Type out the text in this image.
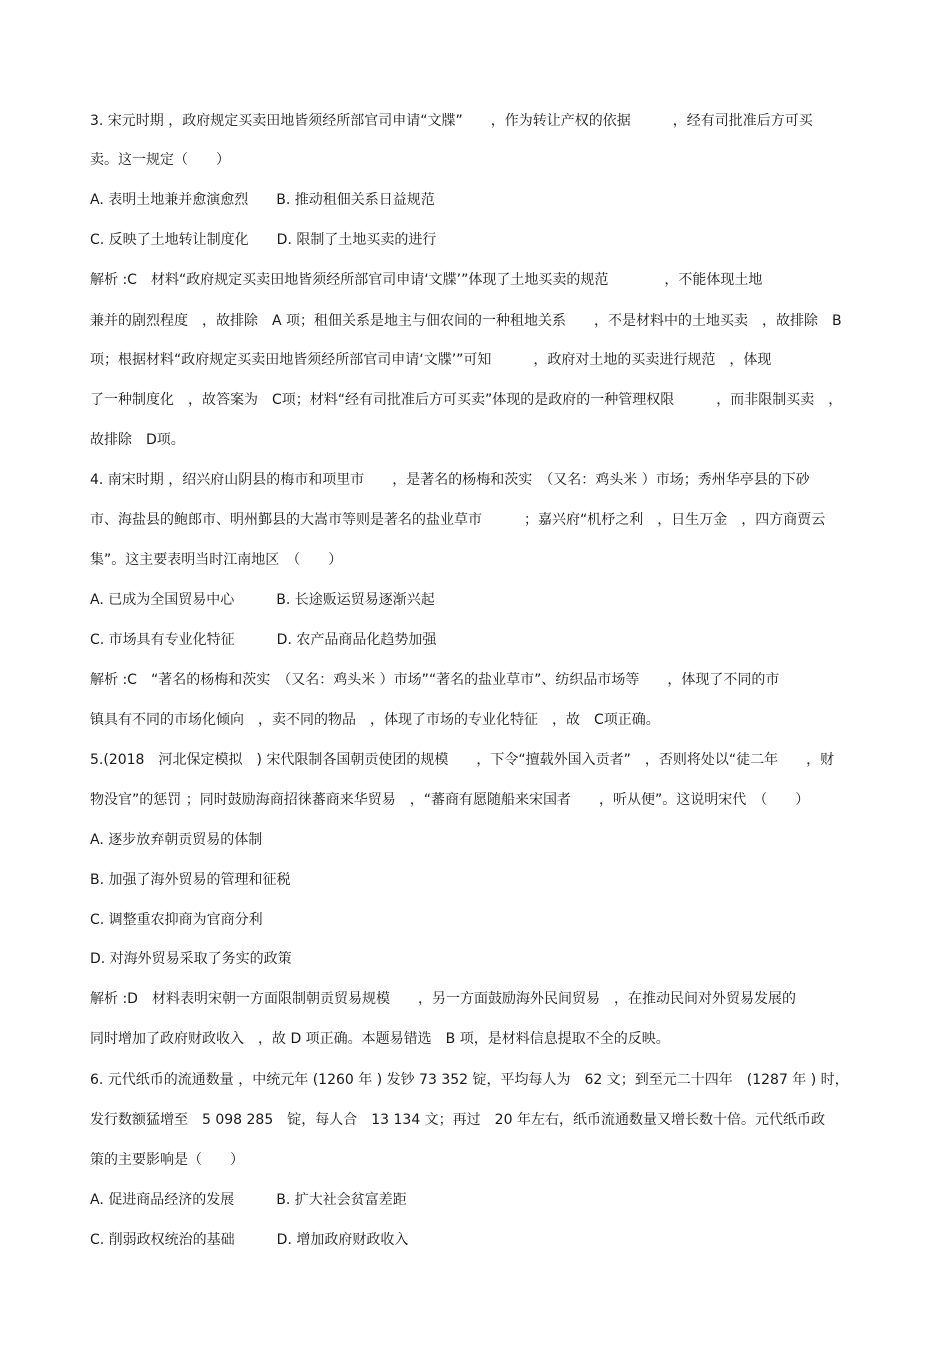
3. 宋元时期 ，政府规定买卖田地皆须经所部官司申请“文牒”　　，作为转让产权的依据　　　，经有司批准后方可买
卖。这一规定（　　）
A. 表明土地兼并愈演愈烈　　B. 推动租佃关系日益规范
C. 反映了土地转让制度化　　D. 限制了土地买卖的进行
解析 :C　材料“政府规定买卖田地皆须经所部官司申请‘文牒’”体现了土地买卖的规范　　　　，不能体现土地
兼并的剧烈程度　，故排除　A 项；租佃关系是地主与佃农间的一种租地关系　　，不是材料中的土地买卖　，故排除　B
项；根据材料“政府规定买卖田地皆须经所部官司申请‘文牒’”可知　　　，政府对土地的买卖进行规范　，体现
了一种制度化　，故答案为　C项；材料“经有司批准后方可买卖”体现的是政府的一种管理权限　　　，而非限制买卖　，
故排除　D项。
4. 南宋时期 ，绍兴府山阴县的梅市和项里市　　，是著名的杨梅和茨实　（又名：鸡头米 ）市场；秀州华亭县的下砂
市、海盐县的鲍郎市、明州鄞县的大嵩市等则是著名的盐业草市　　　；嘉兴府“机杼之利　，日生万金　，四方商贾云
集”。这主要表明当时江南地区　（　　）
A. 已成为全国贸易中心　　　B. 长途贩运贸易逐渐兴起
C. 市场具有专业化特征　　　D. 农产品商品化趋势加强
解析 :C　“著名的杨梅和茨实　（又名：鸡头米 ）市场”“著名的盐业草市”、纺织品市场等　　，体现了不同的市
镇具有不同的市场化倾向　，卖不同的物品　，体现了市场的专业化特征　，故　C项正确。
5.(2018　河北保定模拟　) 宋代限制各国朝贡使团的规模　　，下令“擅载外国入贡者”　，否则将处以“徒二年　　，财
物没官”的惩罚 ；同时鼓励海商招徕蕃商来华贸易　，“蕃商有愿随船来宋国者　　，听从便”。这说明宋代　（　　）
A. 逐步放弃朝贡贸易的体制
B. 加强了海外贸易的管理和征税
C. 调整重农抑商为官商分利
D. 对海外贸易采取了务实的政策
解析 :D　材料表明宋朝一方面限制朝贡贸易规模　　，另一方面鼓励海外民间贸易　，在推动民间对外贸易发展的
同时增加了政府财政收入　，故 D 项正确。本题易错选　B 项，是材料信息提取不全的反映。
6. 元代纸币的流通数量 ，中统元年 (1260 年 ) 发钞 73 352 锭，平均每人为　62 文；到至元二十四年　(1287 年 ) 时，
发行数额猛增至　5 098 285　锭，每人合　13 134 文；再过　20 年左右，纸币流通数量又增长数十倍。元代纸币政
策的主要影响是（　　）
A. 促进商品经济的发展　　　B. 扩大社会贫富差距
C. 削弱政权统治的基础　　　D. 增加政府财政收入
